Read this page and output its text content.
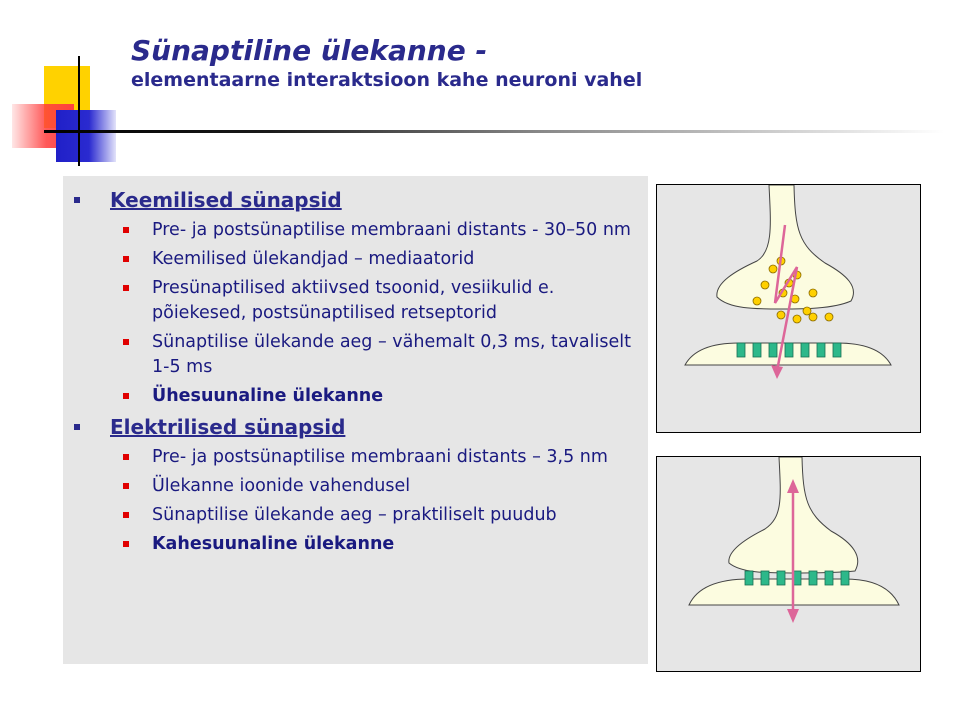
Sünaptiline ülekanne -
elementaarne interaktsioon kahe neuroni vahel
Keemilised sünapsid
Pre- ja postsünaptilise membraani distants - 30–50 nm
Keemilised ülekandjad – mediaatorid
Presünaptilised aktiivsed tsoonid, vesiikulid e. põiekesed, postsünaptilised retseptorid
Sünaptilise ülekande aeg – vähemalt 0,3 ms, tavaliselt 1-5 ms
Ühesuunaline ülekanne
Elektrilised sünapsid
Pre- ja postsünaptilise membraani distants – 3,5 nm
Ülekanne ioonide vahendusel
Sünaptilise ülekande aeg – praktiliselt puudub
Kahesuunaline ülekanne
